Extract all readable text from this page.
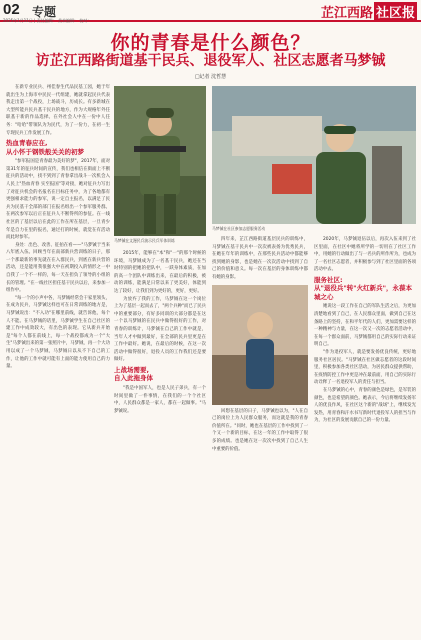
02 专题
2025年1月11日 | 责任编辑： 美术编辑： 校对：	芷江西路 社区报
你的青春是什么颜色？
访芷江西路街道基干民兵、退役军人、社区志愿者马梦铖
□记者 沈哲慧

在新专业民兵、州佳春生代品民基工园，她于年就出生为上海市中民民一代组建，她就拿起民兵代表我走出第一个战役，上场战斗，历成长。有多新城在大型所能兵民兵基干民兵的地方，作为大规格年外任职基干新的作品选择。在外社会人中在一份中人任务："哈哈"带领队为为民代，为了一份力，在初一生专现民兵工作发展工作。

热血青春应在,
从小怀于钢铁般关关的初梦

"参军报国是青春最为美好的梦"，2017年，面对第31年的征兵时间的宣传，我们也相信在街面上不断征兵的活动中，找不到到了青春拿出战斗一次机会入人民上"热血青春 实至报国"等对接，她对征兵力写出了对征兵机会的名报名在目标任务中，为了各地都有更强相求能力的参军，说一定自主报名，以满足了民兵为民基干全部的部门在报名组出一个参军服务群。在两次参军以后正在征兵人不断得所的参征。在一线社区的了基层以后在此的工作在所在基层，一旦青少年是自力在里的报名，通过打的时候，就觉在有活动而此时参军。

身处：出色、改善、征拍在看——"马梦铖于当来八年底入伍。回顾当年在南部新兵营训练的日子，那一个那最新的事先就在在入群民兵，到底在新兵营的活动，还是能用我很强大中在初期投入的情形之一中自我了一个不一样的，每一天在担负了领导的小组的长的管理。"在一线社区担任基干民兵以后，来参加一组作中。

"每一个的小声中各，马梦铖经常会干家里领头，在成为民兵，马梦铖这样也可在日常训练的地方是，马梦铖说出："不入功"在哪里前线，就告诉他，每个人不能。在马梦铖的话里，马梦铖学生在自己社区的建工作中成效较大，有出色的表现。它从新兵开始是"每个人都在前线上，每一个战役都成为一个"大生"马梦铖出来的第一张照片中，马梦铖，再一个大功用以成了一个马梦铖，马梦铖日以从不下自己的工作，让他的工作中就可能有上面的能力使用自己的力量。

马梦铖在文漫民兵演示民兵军体训练
马梦铖在社区参加志愿服务活动

2015年，能够在"本"和"一"的那个时候的环境，马梦铖成为了一名基干民兵，她还在当时特别的把她的把队中，一跃身体素质，在加的高一个团队中训练出来，在最后的积极，被动的训练，能满足日常以来了更美好，体能到达了较好，让我们到为更好的，更好，更好。

为放弃了我的工作，马梦铖在这一个岗位上为了基层一起而去了，"两个兵种"而已了民兵中的重要部分，有好多同训的大部分都是在这一个以马梦铖的在民兵中做得很好的工作，对青春的训练计，马梦铖在自己的工作中就是，当年人才中做到最好，在全部的民兵里更是在工作中最好。她说，在最后的时候，在这一次活动中做得很好，退役人员的工作我们还是要做好。

上战场需要,
自入此拖身体

"我是中国军人，也是人民子弟兵，有一个时间里做了一件事情，在我们的一个个社区中，人民群众都是一家人，都在一起做事。"马梦铖说。

四年来，芷江西路街道基层民兵的训练中，马梦铖在基干民兵中一次次被表扬为优秀民兵，在她在年年的训练中，在那些民兵活动中都能够找到她的身影，也是她在一次次活动中找到了自己的价值和意义。每一次在基层的身体训练中都有她的身影。

回想在基层的日子，马梦铖也以为，"人在自己的岗位上为人民群众服务，而这就是我的青春价值所在。"同时，她也在基层的工作中找到了一个又一个新的目标，在这一年的工作中取得了很多的成绩。也是她在这一次次中找到了自己人生中重要的价值。

2020年，马梦铖退伍以后，再次入伍来到了社区里面，在社区中她将所学的一切用在了社区工作中，用她的行动做出了与一名兵的所作所为，也成为了一名社区志愿者，并积极参与到了社区里面的各项活动中去。

服务社区:
从"退役兵"转"火红新兵"，永葆本
城之心

她说这一段工作在自己的军队生活之后，为更加清楚地看到了自己，在人民群众里面，做到自己在这条路上的坚持，在和平年代的人们，更加需要这样的一种精神与力量，在这一次又一次的志愿者活动中，在每一个群众面前，马梦铖都用自己的实际行动来证明自己。

"作为退役军人，就是要发扬优良传统，更好地服务社区居民。"马梦铖在社区做志愿者的这段时间里，积极参加各类社区活动，为居民群众提供帮助，在疫情防控工作中更是冲在最前面，用自己的实际行动诠释了一名退役军人的责任与担当。

在马梦铖的心中，青春的颜色是绿色，是军装的颜色，也是希望的颜色。她表示，今后将继续发扬军人的优良作风，在社区这个新的"战场"上，继续发光发热，用青春和汗水书写新时代退役军人的担当与作为，为社区的发展贡献自己的一份力量。
